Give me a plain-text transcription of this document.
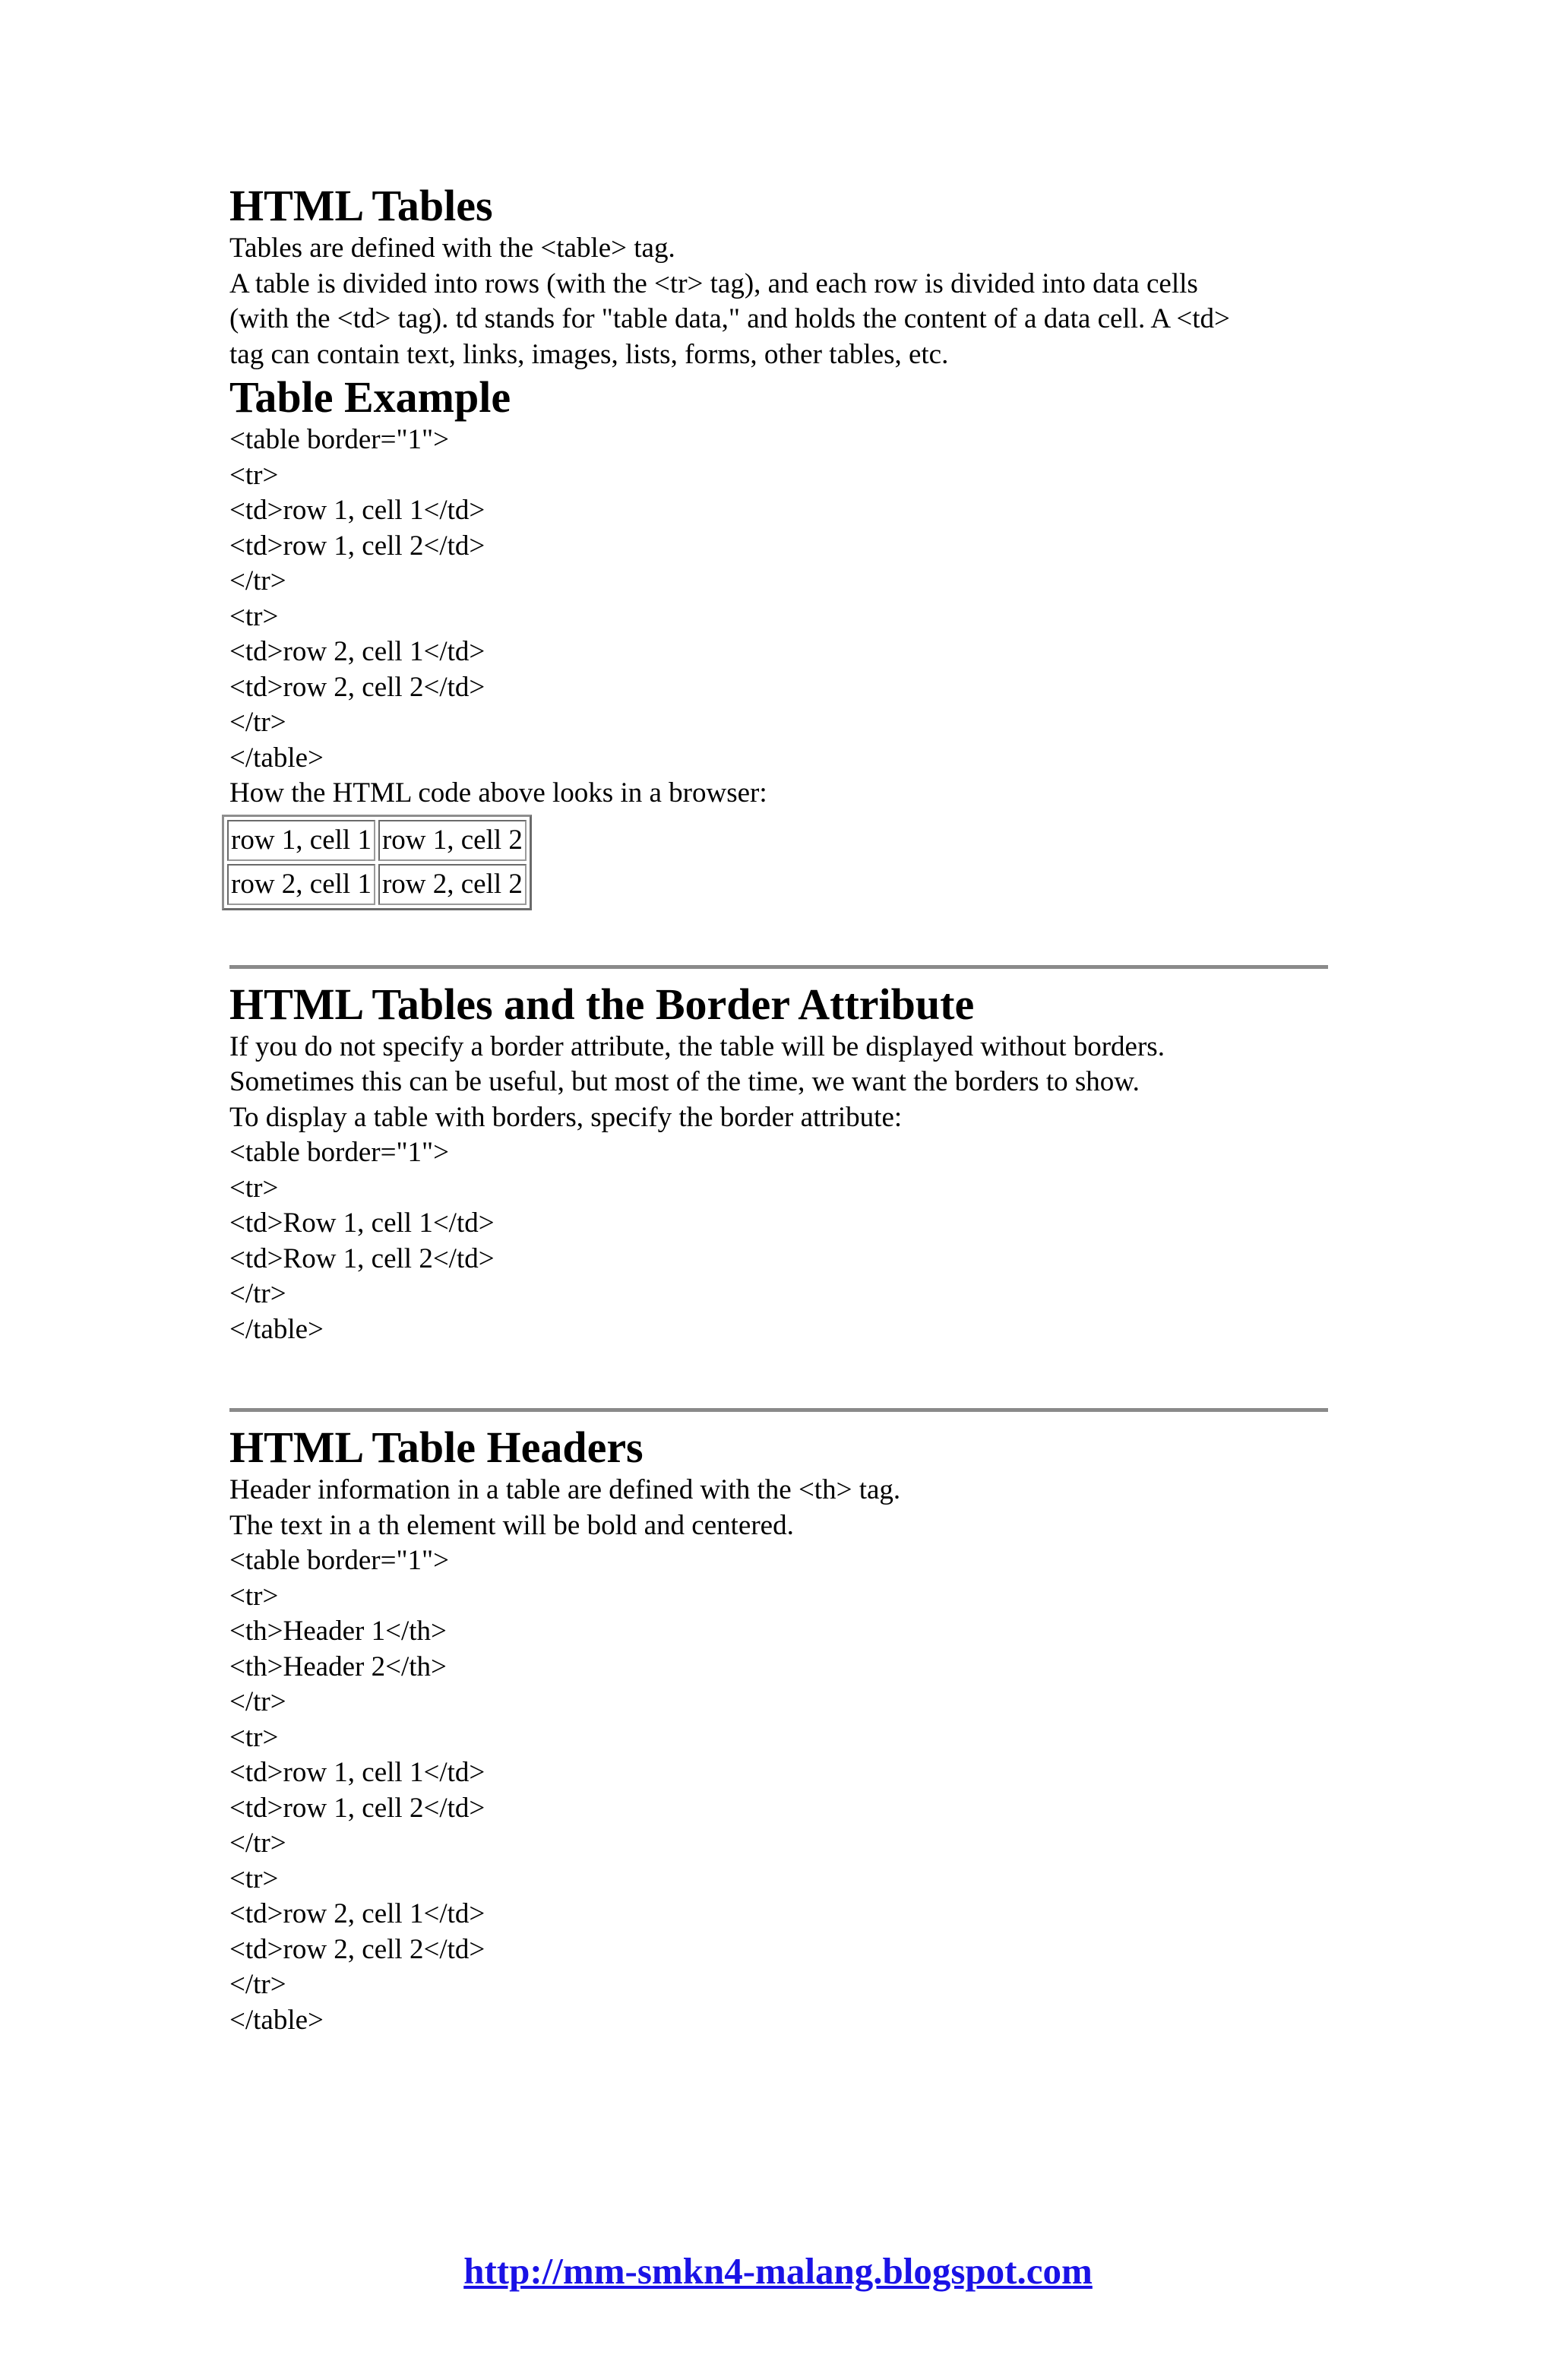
HTML Tables
Tables are defined with the <table> tag.
A table is divided into rows (with the <tr> tag), and each row is divided into data cells
(with the <td> tag). td stands for "table data," and holds the content of a data cell. A <td>
tag can contain text, links, images, lists, forms, other tables, etc.
Table Example
<table border="1">
<tr>
<td>row 1, cell 1</td>
<td>row 1, cell 2</td>
</tr>
<tr>
<td>row 2, cell 1</td>
<td>row 2, cell 2</td>
</tr>
</table>
How the HTML code above looks in a browser:
row 1, cell 1	row 1, cell 2
row 2, cell 1	row 2, cell 2
HTML Tables and the Border Attribute
If you do not specify a border attribute, the table will be displayed without borders.
Sometimes this can be useful, but most of the time, we want the borders to show.
To display a table with borders, specify the border attribute:
<table border="1">
<tr>
<td>Row 1, cell 1</td>
<td>Row 1, cell 2</td>
</tr>
</table>
HTML Table Headers
Header information in a table are defined with the <th> tag.
The text in a th element will be bold and centered.
<table border="1">
<tr>
<th>Header 1</th>
<th>Header 2</th>
</tr>
<tr>
<td>row 1, cell 1</td>
<td>row 1, cell 2</td>
</tr>
<tr>
<td>row 2, cell 1</td>
<td>row 2, cell 2</td>
</tr>
</table>
http://mm-smkn4-malang.blogspot.com
